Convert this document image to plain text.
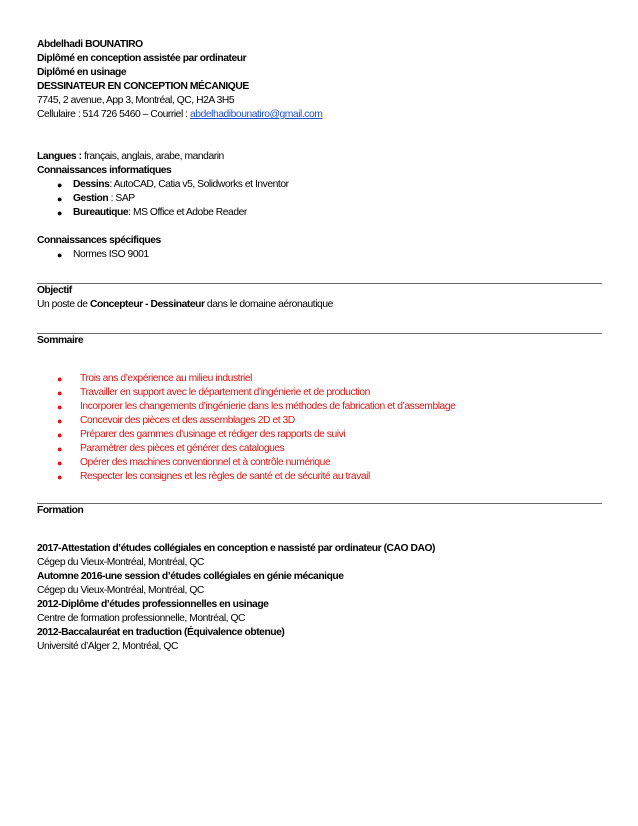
Abdelhadi BOUNATIRO
Diplômé en conception assistée par ordinateur
Diplômé en usinage
DESSINATEUR EN CONCEPTION MÉCANIQUE
7745, 2 avenue, App 3, Montréal, QC, H2A 3H5
Cellulaire : 514 726 5460 – Courriel : abdelhadibounatiro@gmail.com
Langues : français, anglais, arabe, mandarin
Connaissances informatiques
● Dessins: AutoCAD, Catia v5, Solidworks et Inventor
● Gestion : SAP
● Bureautique: MS Office et Adobe Reader
Connaissances spécifiques
● Normes ISO 9001
Objectif
Un poste de Concepteur - Dessinateur dans le domaine aéronautique
Sommaire
● Trois ans d’expérience au milieu industriel
● Travailler en support avec le département d’ingénierie et de production
● Incorporer les changements d’ingénierie dans les méthodes de fabrication et d’assemblage
● Concevoir des pièces et des assemblages 2D et 3D
● Préparer des gammes d’usinage et rédiger des rapports de suivi
● Paramétrer des pièces et générer des catalogues
● Opérer des machines conventionnel et à contrôle numérique
● Respecter les consignes et les règles de santé et de sécurité au travail
Formation
2017-Attestation d’études collégiales en conception e nassisté par ordinateur (CAO DAO)
Cégep du Vieux-Montréal, Montréal, QC
Automne 2016-une session d’études collégiales en génie mécanique
Cégep du Vieux-Montréal, Montréal, QC
2012-Diplôme d’études professionnelles en usinage
Centre de formation professionnelle, Montréal, QC
2012-Baccalauréat en traduction (Équivalence obtenue)
Université d’Alger 2, Montréal, QC
